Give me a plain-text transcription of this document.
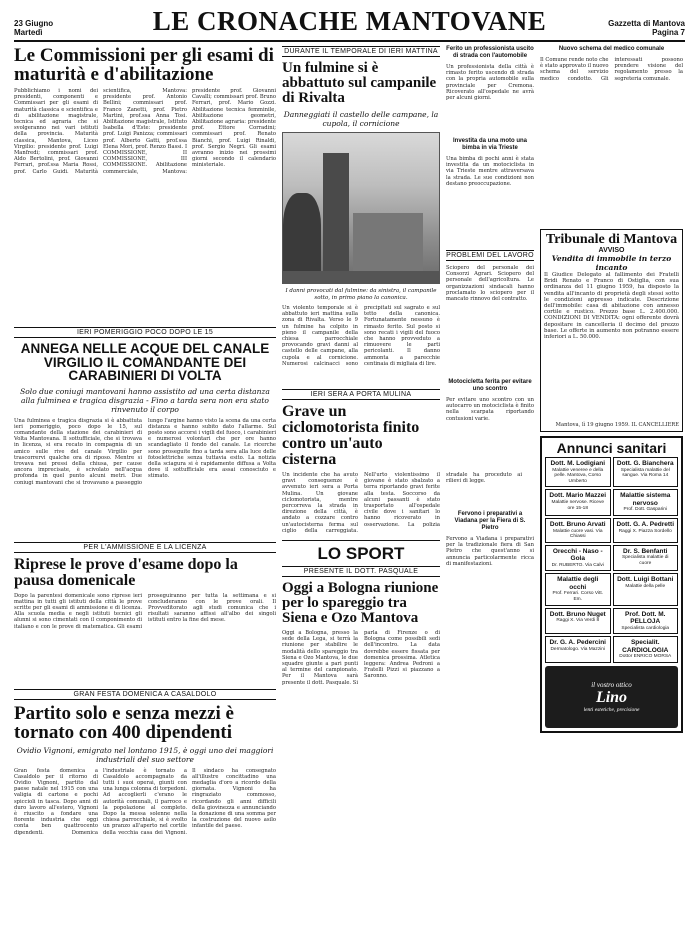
23 Giugno
Martedì	LE CRONACHE MANTOVANE	Gazzetta di Mantova
Pagina 7
Le Commissioni per gli esami di maturità e d'abilitazione
Pubblichiamo i nomi dei presidenti, componenti e Commissari per gli esami di maturità classica e scientifica e di abilitazione magistrale, tecnica ed agraria che si svolgeranno nei vari istituti della provincia. Maturità classica, Mantova, Liceo Virgilio: presidente prof. Luigi Manfredi; commissari prof. Aldo Bertolini, prof. Giovanni Ferrari, prof.ssa Maria Rossi, prof. Carlo Guidi. Maturità scientifica, Mantova: presidente prof. Antonio Bellini; commissari prof. Franco Zanetti, prof. Pietro Martini, prof.ssa Anna Tosi. Abilitazione magistrale, Istituto Isabella d'Este: presidente prof. Luigi Panizza; commissari prof. Alberto Gatti, prof.ssa Elena Mori, prof. Renzo Bassi. I COMMISSIONE, II COMMISSIONE, III COMMISSIONE. Abilitazione commerciale, Mantova: presidente prof. Giovanni Cavalli; commissari prof. Bruno Ferrari, prof. Mario Gozzi. Abilitazione tecnica femminile, Abilitazione geometri, Abilitazione agraria: presidente prof. Ettore Corradini; commissari prof. Renato Bianchi, prof. Luigi Rinaldi, prof. Sergio Negri. Gli esami avranno inizio nei prossimi giorni secondo il calendario ministeriale.
IERI POMERIGGIO POCO DOPO LE 15
ANNEGA NELLE ACQUE DEL CANALE VIRGILIO IL COMANDANTE DEI CARABINIERI DI VOLTA
Solo due coniugi mantovani hanno assistito ad una certa distanza alla fulminea e tragica disgrazia - Fino a tarda sera non era stato rinvenuto il corpo
Una fulminea e tragica disgrazia si è abbattuta ieri pomeriggio, poco dopo le 15, sul comandante della stazione dei carabinieri di Volta Mantovana. Il sottufficiale, che si trovava in licenza, si era recato in compagnia di un amico sulle rive del canale Virgilio per trascorrervi qualche ora di riposo. Mentre si trovava nei pressi della chiusa, per cause ancora imprecisate, è scivolato nell'acqua profonda in quel punto alcuni metri. Due coniugi mantovani che si trovavano a passeggio lungo l'argine hanno visto la scena da una certa distanza e hanno subito dato l'allarme. Sul posto sono accorsi i vigili del fuoco, i carabinieri e numerosi volontari che per ore hanno scandagliato il fondo del canale. Le ricerche sono proseguite fino a tarda sera alla luce delle fotoelettriche senza tuttavia esito. La notizia della sciagura si è rapidamente diffusa a Volta dove il sottufficiale era assai conosciuto e stimato.
PER L'AMMISSIONE E LA LICENZA
Riprese le prove d'esame dopo la pausa domenicale
Dopo la parentesi domenicale sono riprese ieri mattina in tutti gli istituti della città le prove scritte per gli esami di ammissione e di licenza. Alla scuola media e negli istituti tecnici gli alunni si sono cimentati con il componimento di italiano e con le prove di matematica. Gli esami proseguiranno per tutta la settimana e si concluderanno con le prove orali. Il Provveditorato agli studi comunica che i risultati saranno affissi all'albo dei singoli istituti entro la fine del mese.
GRAN FESTA DOMENICA A CASALDOLO
Partito solo e senza mezzi è tornato con 400 dipendenti
Ovidio Vignoni, emigrato nel lontano 1915, è oggi uno dei maggiori industriali del suo settore
Gran festa domenica a Casaldolo per il ritorno di Ovidio Vignoni, partito dal paese natale nel 1915 con una valigia di cartone e pochi spiccioli in tasca. Dopo anni di duro lavoro all'estero, Vignoni è riuscito a fondare una fiorente industria che oggi conta ben quattrocento dipendenti. Domenica l'industriale è tornato a Casaldolo accompagnato da tutti i suoi operai, giunti con una lunga colonna di torpedoni. Ad accoglierli c'erano le autorità comunali, il parroco e la popolazione al completo. Dopo la messa solenne nella chiesa parrocchiale, si è svolto un pranzo all'aperto nel cortile della vecchia casa dei Vignoni. Il sindaco ha consegnato all'illustre concittadino una medaglia d'oro a ricordo della giornata. Vignoni ha ringraziato commosso, ricordando gli anni difficili della giovinezza e annunciando la donazione di una somma per la costruzione del nuovo asilo infantile del paese.
DURANTE IL TEMPORALE DI IERI MATTINA
Un fulmine si è abbattuto sul campanile di Rivalta
Danneggiati il castello delle campane, la cupola, il cornicione
I danni provocati dal fulmine: da sinistra, il campanile sotto, in primo piano la canonica.
Un violento temporale si è abbattuto ieri mattina sulla zona di Rivalta. Verso le 9 un fulmine ha colpito in pieno il campanile della chiesa parrocchiale provocando gravi danni al castello delle campane, alla cupola e al cornicione. Numerosi calcinacci sono precipitati sul sagrato e sul tetto della canonica. Fortunatamente nessuno è rimasto ferito. Sul posto si sono recati i vigili del fuoco che hanno provveduto a rimuovere le parti pericolanti. Il danno ammonta a parecchie centinaia di migliaia di lire.
IERI SERA A PORTA MULINA
Grave un ciclomotorista finito contro un'auto cisterna
Un incidente che ha avuto gravi conseguenze è avvenuto ieri sera a Porta Mulina. Un giovane ciclomotorista, mentre percorreva la strada in direzione della città, è andato a cozzare contro un'autocisterna ferma sul ciglio della carreggiata. Nell'urto violentissimo il giovane è stato sbalzato a terra riportando gravi ferite alla testa. Soccorso da alcuni passanti è stato trasportato all'ospedale civile dove i sanitari lo hanno ricoverato in osservazione. La polizia stradale ha proceduto ai rilievi di legge.
LO SPORT
PRESENTE IL DOTT. PASQUALE
Oggi a Bologna riunione per lo spareggio tra Siena e Ozo Mantova
Oggi a Bologna, presso la sede della Lega, si terrà la riunione per stabilire le modalità dello spareggio tra Siena e Ozo Mantova, le due squadre giunte a pari punti al termine del campionato. Per il Mantova sarà presente il dott. Pasquale. Si parla di Firenze o di Bologna come possibili sedi dell'incontro. La data dovrebbe essere fissata per domenica prossima. Atletica leggera: Andrea Pedroni a Fratelli Pizzi si piazzano a Saronno.
Ferito un professionista uscito di strada con l'automobile
Un professionista della città è rimasto ferito uscendo di strada con la propria automobile sulla provinciale per Cremona. Ricoverato all'ospedale ne avrà per alcuni giorni.
Investita da una moto una bimba in via Trieste
Una bimba di pochi anni è stata investita da un motociclista in via Trieste mentre attraversava la strada. Le sue condizioni non destano preoccupazione.
PROBLEMI DEL LAVORO
Sciopero del personale dei Consorzi Agrari. Sciopero del personale dell'agricoltura. Le organizzazioni sindacali hanno proclamato lo sciopero per il mancato rinnovo del contratto.
Motocicletta ferita per evitare uno scontro
Per evitare uno scontro con un autocarro un motociclista è finito nella scarpata riportando contusioni varie.
Fervono i preparativi a Viadana per la Fiera di S. Pietro
Fervono a Viadana i preparativi per la tradizionale fiera di San Pietro che quest'anno si annuncia particolarmente ricca di manifestazioni.
Nuovo schema del medico comunale
Il Comune rende noto che è stato approvato il nuovo schema del servizio medico condotto. Gli interessati possono prendere visione del regolamento presso la segreteria comunale.
Tribunale di Mantova
AVVISO
Vendita di immobile in terzo incanto
Il Giudice Delegato al fallimento dei Fratelli Bridi Renato e Franco di Ostiglia, con sua ordinanza del 11 giugno 1959, ha disposto la vendita all'incanto di proprietà degli stessi sotto le condizioni appresso indicate. Descrizione dell'immobile: casa di abitazione con annesso cortile e rustico. Prezzo base L. 2.400.000. CONDIZIONI DI VENDITA: ogni offerente dovrà depositare in cancelleria il decimo del prezzo base. Le offerte in aumento non potranno essere inferiori a L. 50.000.
Mantova, lì 19 giugno 1959. IL CANCELLIERE
Annunci sanitari
Dott. M. Lodigiani
Malattie veneree e della pelle. Mantova, Corso Umberto
Dott. G. Bianchera
Specialista malattie del sangue. Via Roma 14
Dott. Mario Mazzei
Malattie nervose. Riceve ore 15-18
Malattie sistema nervoso
Prof. Dott. Gasparini
Dott. Bruno Arvati
Malattie cuore vasi. Via Chiassi
Dott. G. A. Pedretti
Raggi X. Piazza Sordello
Orecchi - Naso - Gola
Dr. RUBERTO. Via Calvi
Dr. S. Benfanti
Specialista malattie di cuore
Malattie degli occhi
Prof. Ferrari. Corso Vitt. Em.
Dott. Luigi Bottani
Malattie della pelle
Dott. Bruno Nuget
Raggi X. Via Verdi 8
Prof. Dott. M. PELLOJA
Specialista cardiologia
Dr. G. A. Pedercini
Dermatologo. Via Mazzini
Specialit. CARDIOLOGIA
Dottor ENRICO MORSA
il vostro ottico
Lino
lenti estetiche, precisione
